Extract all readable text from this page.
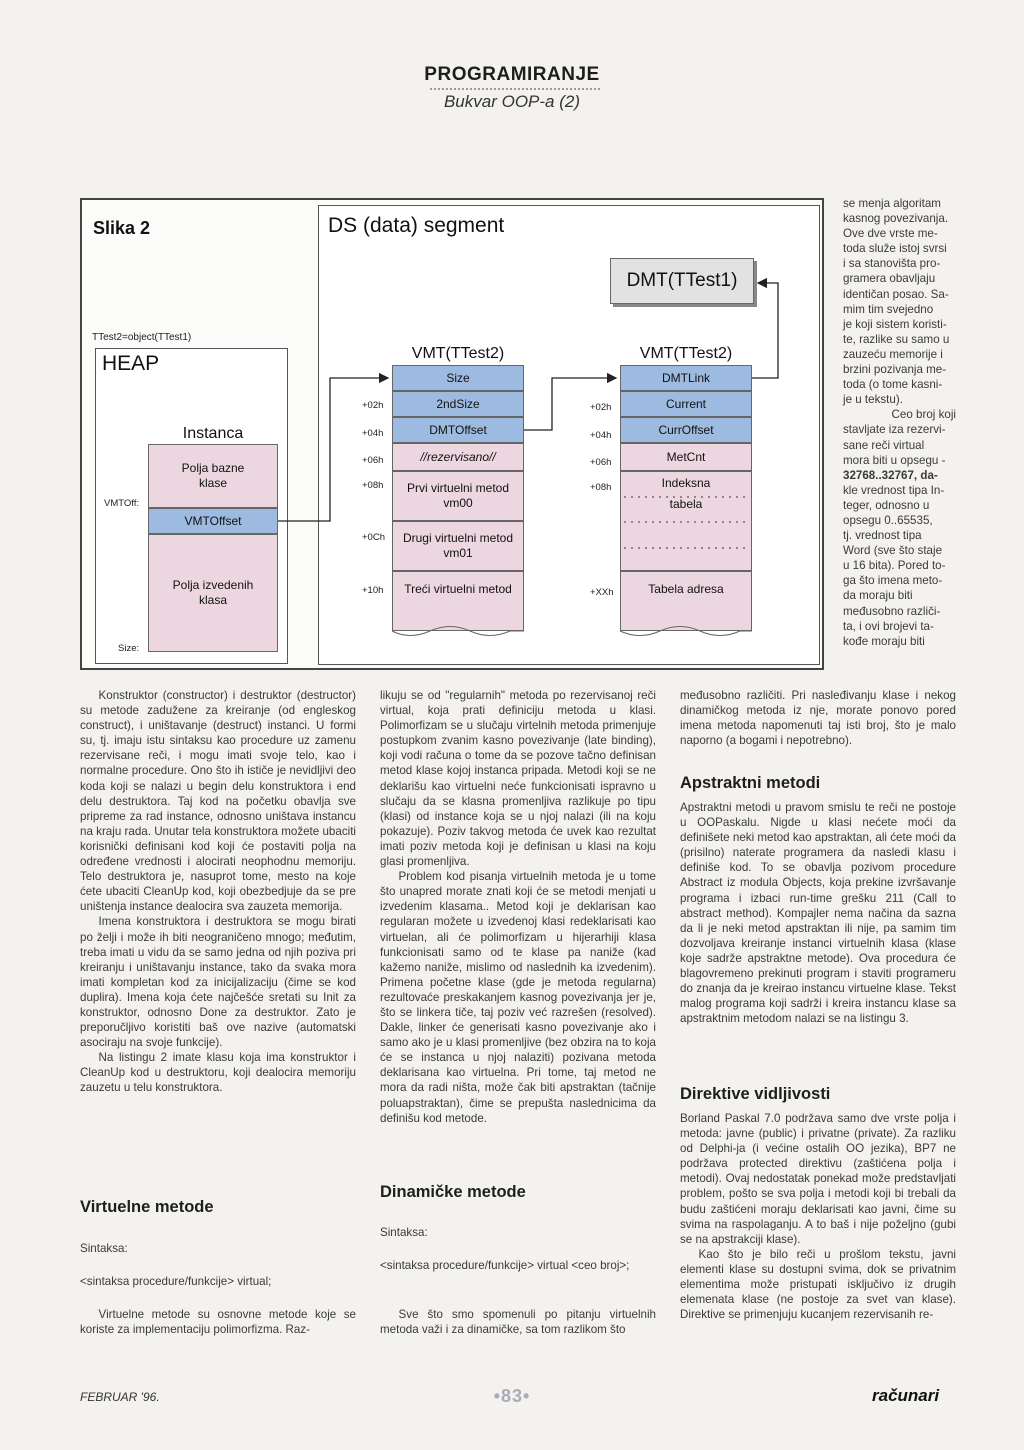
PROGRAMIRANJE
Bukvar OOP-a (2)
Slika 2
TTest2=object(TTest1)
HEAP
VMTOff:
Size:
Instanca
Polja bazne klase
VMTOffset
Polja izvedenih klasa
DS (data) segment
DMT(TTest1)
VMT(TTest2)
Size
2ndSize
DMTOffset
//rezervisano//
Prvi virtuelni metod vm00
Drugi virtuelni metod vm01
Treći virtuelni metod
+02h
+04h
+06h
+08h
+0Ch
+10h
VMT(TTest2)
DMTLink
Current
CurrOffset
MetCnt
Indeksna
tabela
Tabela adresa
+02h
+04h
+06h
+08h
+XXh
se menja algoritam
kasnog povezivanja.
Ove dve vrste me-
toda služe istoj svrsi
i sa stanovišta pro-
gramera obavljaju
identičan posao. Sa-
mim tim svejedno
je koji sistem koristi-
te, razlike su samo u
zauzeću memorije i
brzini pozivanja me-
toda (o tome kasni-
je u tekstu).
Ceo broj koji
stavljate iza rezervi-
sane reči virtual
mora biti u opsegu -
32768..32767, da-
kle vrednost tipa In-
teger, odnosno u
opsegu 0..65535,
tj. vrednost tipa
Word (sve što staje
u 16 bita). Pored to-
ga što imena meto-
da moraju biti
međusobno različi-
ta, i ovi brojevi ta-
kođe moraju biti

Konstruktor (constructor) i destruktor (destructor) su metode zadužene za kreiranje (od engleskog construct), i uništavanje (destruct) instanci. U formi su, tj. imaju istu sintaksu kao procedure uz zamenu rezervisane reči, i mogu imati svoje telo, kao i normalne procedure. Ono što ih ističe je nevidljivi deo koda koji se nalazi u begin delu konstruktora i end delu destruktora. Taj kod na početku obavlja sve pripreme za rad instance, odnosno uništava instancu na kraju rada. Unutar tela konstruktora možete ubaciti korisnički definisani kod koji će postaviti polja na određene vrednosti i alocirati neophodnu memoriju. Telo destruktora je, nasuprot tome, mesto na koje ćete ubaciti CleanUp kod, koji obezbedjuje da se pre uništenja instance dealocira sva zauzeta memorija.

Imena konstruktora i destruktora se mogu birati po želji i može ih biti neograničeno mnogo; međutim, treba imati u vidu da se samo jedna od njih poziva pri kreiranju i uništavanju instance, tako da svaka mora imati kompletan kod za inicijalizaciju (čime se kod duplira). Imena koja ćete najčešće sretati su Init za konstruktor, odnosno Done za destruktor. Zato je preporučljivo koristiti baš ove nazive (automatski asociraju na svoje funkcije).

Na listingu 2 imate klasu koja ima konstruktor i CleanUp kod u destruktoru, koji dealocira memoriju zauzetu u telu konstruktora.

Virtuelne metode
Sintaksa:
<sintaksa procedure/funkcije> virtual;

Virtuelne metode su osnovne metode koje se koriste za implementaciju polimorfizma. Raz-

likuju se od "regularnih" metoda po rezervisanoj reči virtual, koja prati definiciju metoda u klasi. Polimorfizam se u slučaju virtelnih metoda primenjuje postupkom zvanim kasno povezivanje (late binding), koji vodi računa o tome da se pozove tačno definisan metod klase kojoj instanca pripada. Metodi koji se ne deklarišu kao virtuelni neće funkcionisati ispravno u slučaju da se klasna promenljiva razlikuje po tipu (klasi) od instance koja se u njoj nalazi (ili na koju pokazuje). Poziv takvog metoda će uvek kao rezultat imati poziv metoda koji je definisan u klasi na koju glasi promenljiva.

Problem kod pisanja virtuelnih metoda je u tome što unapred morate znati koji će se metodi menjati u izvedenim klasama.. Metod koji je deklarisan kao regularan možete u izvedenoj klasi redeklarisati kao virtuelan, ali će polimorfizam u hijerarhiji klasa funkcionisati samo od te klase pa naniže (kad kažemo naniže, mislimo od naslednih ka izvedenim). Primena početne klase (gde je metoda regularna) rezultovaće preskakanjem kasnog povezivanja jer je, što se linkera tiče, taj poziv već razrešen (resolved). Dakle, linker će generisati kasno povezivanje ako i samo ako je u klasi promenljive (bez obzira na to koja će se instanca u njoj nalaziti) pozivana metoda deklarisana kao virtuelna. Pri tome, taj metod ne mora da radi ništa, može čak biti apstraktan (tačnije poluapstraktan), čime se prepušta naslednicima da definišu kod metode.

Dinamičke metode
Sintaksa:
<sintaksa procedure/funkcije> virtual <ceo broj>;

Sve što smo spomenuli po pitanju virtuelnih metoda važi i za dinamičke, sa tom razlikom što

međusobno različiti. Pri nasleđivanju klase i nekog dinamičkog metoda iz nje, morate ponovo pored imena metoda napomenuti taj isti broj, što je malo naporno (a bogami i nepotrebno).

Apstraktni metodi

Apstraktni metodi u pravom smislu te reči ne postoje u OOPaskalu. Nigde u klasi nećete moći da definišete neki metod kao apstraktan, ali ćete moći da (prisilno) naterate programera da nasledi klasu i definiše kod. To se obavlja pozivom procedure Abstract iz modula Objects, koja prekine izvršavanje programa i izbaci run-time grešku 211 (Call to abstract method). Kompajler nema načina da sazna da li je neki metod apstraktan ili nije, pa samim tim dozvoljava kreiranje instanci virtuelnih klasa (klase koje sadrže apstraktne metode). Ova procedura će blagovremeno prekinuti program i staviti programeru do znanja da je kreirao instancu virtuelne klase. Tekst malog programa koji sadrži i kreira instancu klase sa apstraktnim metodom nalazi se na listingu 3.

Direktive vidljivosti

Borland Paskal 7.0 podržava samo dve vrste polja i metoda: javne (public) i privatne (private). Za razliku od Delphi-ja (i većine ostalih OO jezika), BP7 ne podržava protected direktivu (zaštićena polja i metodi). Ovaj nedostatak ponekad može predstavljati problem, pošto se sva polja i metodi koji bi trebali da budu zaštićeni moraju deklarisati kao javni, čime su svima na raspolaganju. A to baš i nije poželjno (gubi se na apstrakciji klase).

Kao što je bilo reči u prošlom tekstu, javni elementi klase su dostupni svima, dok se privatnim elementima može pristupati isključivo iz drugih elemenata klase (ne postoje za svet van klase). Direktive se primenjuju kucanjem rezervisanih re-

FEBRUAR '96.	•83•	računari
